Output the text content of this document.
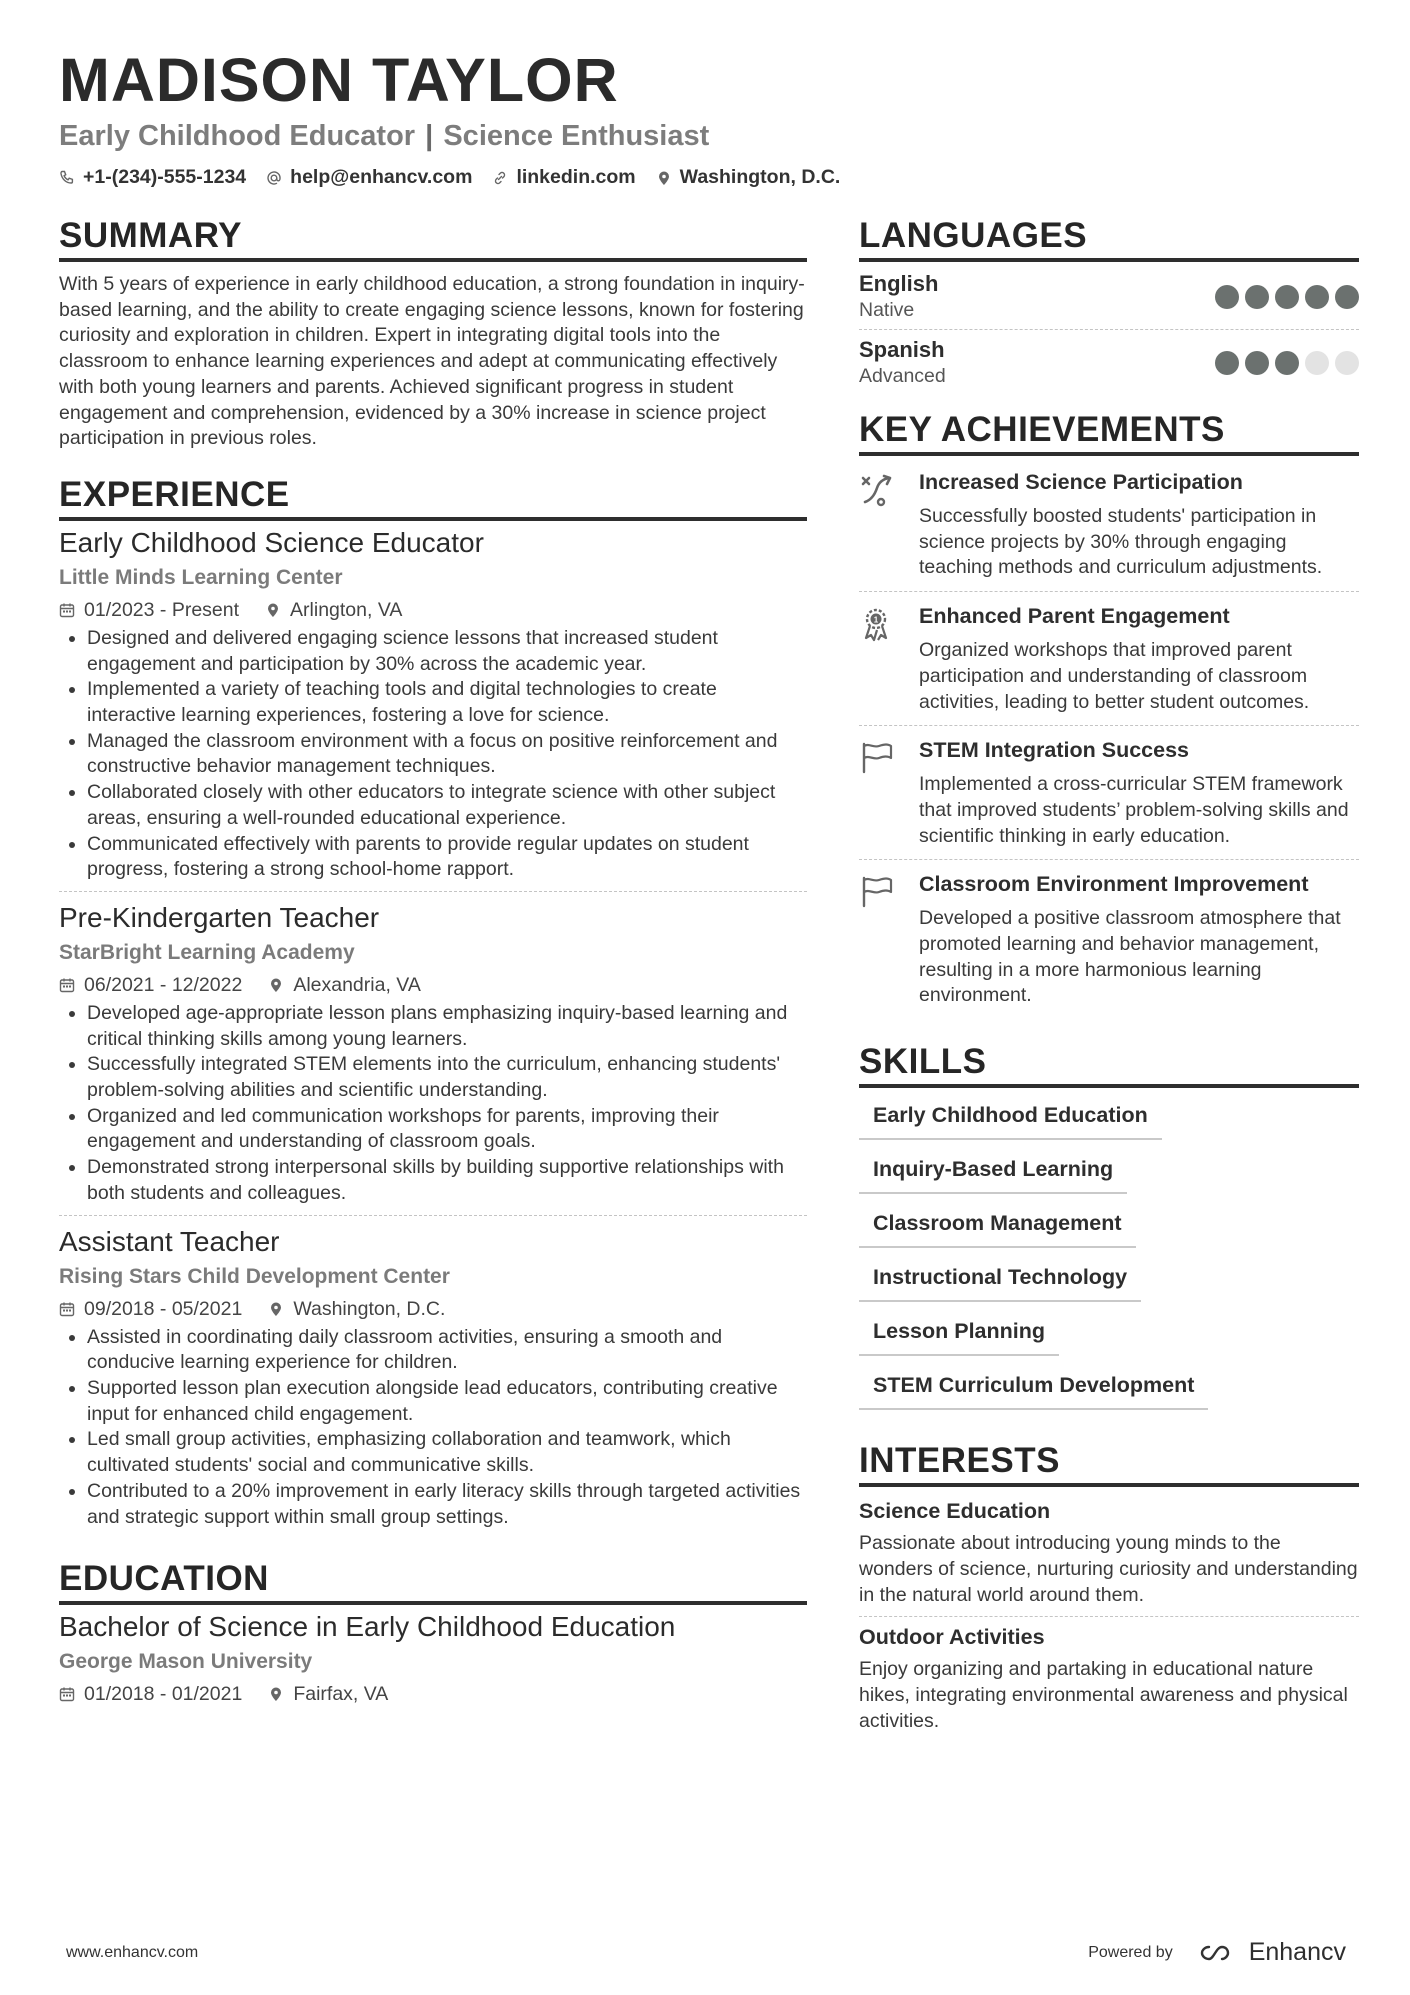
MADISON TAYLOR
Early Childhood Educator | Science Enthusiast
+1-(234)-555-1234 help@enhancv.com linkedin.com Washington, D.C.
SUMMARY
With 5 years of experience in early childhood education, a strong foundation in inquiry-based learning, and the ability to create engaging science lessons, known for fostering curiosity and exploration in children. Expert in integrating digital tools into the classroom to enhance learning experiences and adept at communicating effectively with both young learners and parents. Achieved significant progress in student engagement and comprehension, evidenced by a 30% increase in science project participation in previous roles.
EXPERIENCE
Early Childhood Science Educator
Little Minds Learning Center
01/2023 - Present	Arlington, VA
• Designed and delivered engaging science lessons that increased student engagement and participation by 30% across the academic year.
• Implemented a variety of teaching tools and digital technologies to create interactive learning experiences, fostering a love for science.
• Managed the classroom environment with a focus on positive reinforcement and constructive behavior management techniques.
• Collaborated closely with other educators to integrate science with other subject areas, ensuring a well-rounded educational experience.
• Communicated effectively with parents to provide regular updates on student progress, fostering a strong school-home rapport.
Pre-Kindergarten Teacher
StarBright Learning Academy
06/2021 - 12/2022	Alexandria, VA
• Developed age-appropriate lesson plans emphasizing inquiry-based learning and critical thinking skills among young learners.
• Successfully integrated STEM elements into the curriculum, enhancing students' problem-solving abilities and scientific understanding.
• Organized and led communication workshops for parents, improving their engagement and understanding of classroom goals.
• Demonstrated strong interpersonal skills by building supportive relationships with both students and colleagues.
Assistant Teacher
Rising Stars Child Development Center
09/2018 - 05/2021	Washington, D.C.
• Assisted in coordinating daily classroom activities, ensuring a smooth and conducive learning experience for children.
• Supported lesson plan execution alongside lead educators, contributing creative input for enhanced child engagement.
• Led small group activities, emphasizing collaboration and teamwork, which cultivated students' social and communicative skills.
• Contributed to a 20% improvement in early literacy skills through targeted activities and strategic support within small group settings.
EDUCATION
Bachelor of Science in Early Childhood Education
George Mason University
01/2018 - 01/2021	Fairfax, VA
LANGUAGES
English
Native
Spanish
Advanced
KEY ACHIEVEMENTS
Increased Science Participation
Successfully boosted students' participation in science projects by 30% through engaging teaching methods and curriculum adjustments.
1 Enhanced Parent Engagement
Organized workshops that improved parent participation and understanding of classroom activities, leading to better student outcomes.
STEM Integration Success
Implemented a cross-curricular STEM framework that improved students’ problem-solving skills and scientific thinking in early education.
Classroom Environment Improvement
Developed a positive classroom atmosphere that promoted learning and behavior management, resulting in a more harmonious learning environment.
SKILLS
Early Childhood Education
Inquiry-Based Learning
Classroom Management
Instructional Technology
Lesson Planning
STEM Curriculum Development
INTERESTS
Science Education
Passionate about introducing young minds to the wonders of science, nurturing curiosity and understanding in the natural world around them.
Outdoor Activities
Enjoy organizing and partaking in educational nature hikes, integrating environmental awareness and physical activities.
www.enhancv.com	Powered by	Enhancv
